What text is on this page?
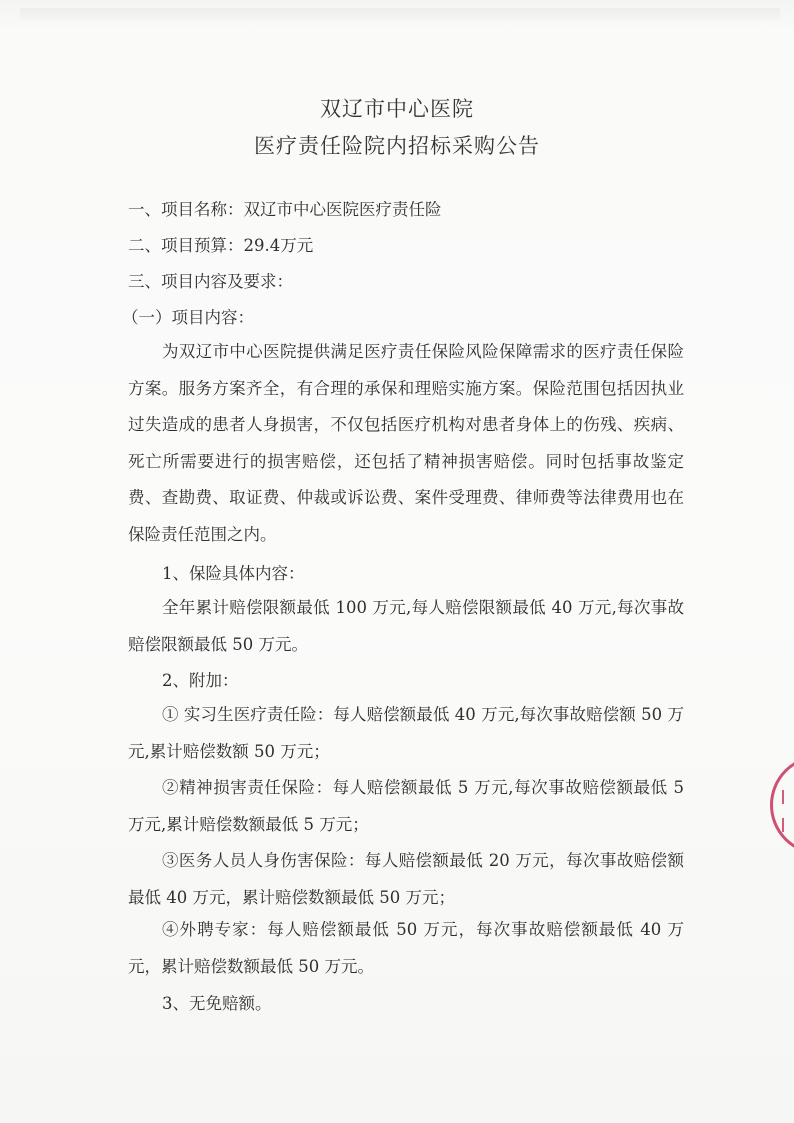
双辽市中心医院
医疗责任险院内招标采购公告
一、项目名称：双辽市中心医院医疗责任险
二、项目预算：29.4万元
三、项目内容及要求：
（一）项目内容：
为双辽市中心医院提供满足医疗责任保险风险保障需求的医疗责任保险方案。服务方案齐全，有合理的承保和理赔实施方案。保险范围包括因执业过失造成的患者人身损害，不仅包括医疗机构对患者身体上的伤残、疾病、死亡所需要进行的损害赔偿，还包括了精神损害赔偿。同时包括事故鉴定费、查勘费、取证费、仲裁或诉讼费、案件受理费、律师费等法律费用也在保险责任范围之内。
1、保险具体内容：
全年累计赔偿限额最低 100 万元,每人赔偿限额最低 40 万元,每次事故赔偿限额最低 50 万元。
2、附加：
① 实习生医疗责任险：每人赔偿额最低 40 万元,每次事故赔偿额 50 万元,累计赔偿数额 50 万元；
②精神损害责任保险：每人赔偿额最低 5 万元,每次事故赔偿额最低 5 万元,累计赔偿数额最低 5 万元；
③医务人员人身伤害保险：每人赔偿额最低 20 万元，每次事故赔偿额最低 40 万元，累计赔偿数额最低 50 万元；
④外聘专家：每人赔偿额最低 50 万元，每次事故赔偿额最低 40 万元，累计赔偿数额最低 50 万元。
3、无免赔额。
